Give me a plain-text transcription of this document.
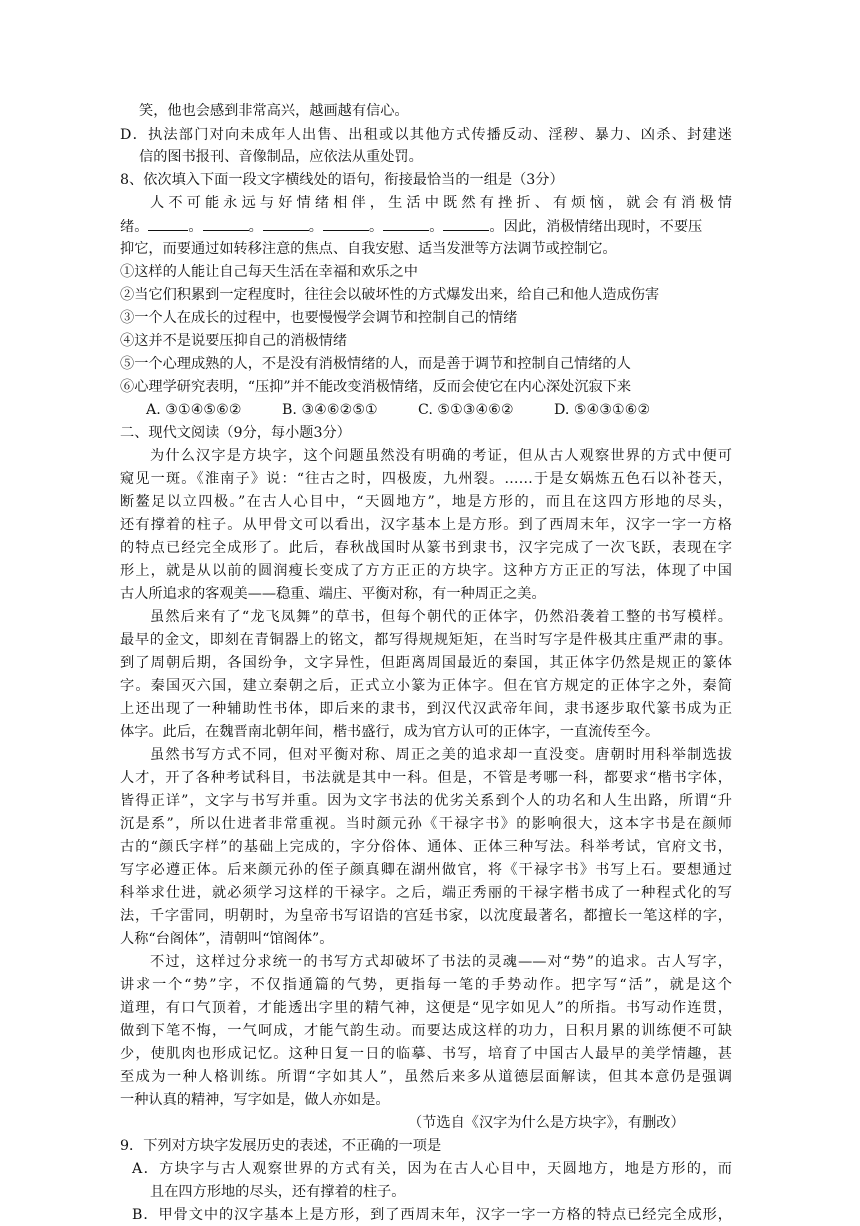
笑，他也会感到非常高兴，越画越有信心。
D．执法部门对向未成年人出售、出租或以其他方式传播反动、淫秽、暴力、凶杀、封建迷
信的图书报刊、音像制品，应依法从重处罚。
8、依次填入下面一段文字横线处的语句，衔接最恰当的一组是（3分）
人不可能永远与好情绪相伴，生活中既然有挫折、有烦恼，就会有消极情
绪。	。	。	。	。	。	。因此，消极情绪出现时，不要压
抑它，而要通过如转移注意的焦点、自我安慰、适当发泄等方法调节或控制它。
①这样的人能让自己每天生活在幸福和欢乐之中
②当它们积累到一定程度时，往往会以破坏性的方式爆发出来，给自己和他人造成伤害
③一个人在成长的过程中，也要慢慢学会调节和控制自己的情绪
④这并不是说要压抑自己的消极情绪
⑤一个心理成熟的人，不是没有消极情绪的人，而是善于调节和控制自己情绪的人
⑥心理学研究表明，“压抑”并不能改变消极情绪，反而会使它在内心深处沉寂下来
A. ③①④⑤⑥②	B. ③④⑥②⑤①	C. ⑤①③④⑥②	D. ⑤④③①⑥②
二、现代文阅读（9分，每小题3分）
为什么汉字是方块字，这个问题虽然没有明确的考证，但从古人观察世界的方式中便可
窥见一斑。《淮南子》说：“往古之时，四极废，九州裂。……于是女娲炼五色石以补苍天，
断鳌足以立四极。”在古人心目中，“天圆地方”，地是方形的，而且在这四方形地的尽头，
还有撑着的柱子。从甲骨文可以看出，汉字基本上是方形。到了西周末年，汉字一字一方格
的特点已经完全成形了。此后，春秋战国时从篆书到隶书，汉字完成了一次飞跃，表现在字
形上，就是从以前的圆润瘦长变成了方方正正的方块字。这种方方正正的写法，体现了中国
古人所追求的客观美——稳重、端庄、平衡对称，有一种周正之美。
虽然后来有了“龙飞凤舞”的草书，但每个朝代的正体字，仍然沿袭着工整的书写模样。
最早的金文，即刻在青铜器上的铭文，都写得规规矩矩，在当时写字是件极其庄重严肃的事。
到了周朝后期，各国纷争，文字异性，但距离周国最近的秦国，其正体字仍然是规正的篆体
字。秦国灭六国，建立秦朝之后，正式立小篆为正体字。但在官方规定的正体字之外，秦简
上还出现了一种辅助性书体，即后来的隶书，到汉代汉武帝年间，隶书逐步取代篆书成为正
体字。此后，在魏晋南北朝年间，楷书盛行，成为官方认可的正体字，一直流传至今。
虽然书写方式不同，但对平衡对称、周正之美的追求却一直没变。唐朝时用科举制选拔
人才，开了各种考试科目，书法就是其中一科。但是，不管是考哪一科，都要求“楷书字体，
皆得正详”，文字与书写并重。因为文字书法的优劣关系到个人的功名和人生出路，所谓“升
沉是系”，所以仕进者非常重视。当时颜元孙《干禄字书》的影响很大，这本字书是在颜师
古的“颜氏字样”的基础上完成的，字分俗体、通体、正体三种写法。科举考试，官府文书，
写字必遵正体。后来颜元孙的侄子颜真卿在湖州做官，将《干禄字书》书写上石。要想通过
科举求仕进，就必须学习这样的干禄字。之后，端正秀丽的干禄字楷书成了一种程式化的写
法，千字雷同，明朝时，为皇帝书写诏诰的宫廷书家，以沈度最著名，都擅长一笔这样的字，
人称“台阁体”，清朝叫“馆阁体”。
不过，这样过分求统一的书写方式却破坏了书法的灵魂——对“势”的追求。古人写字，
讲求一个“势”字，不仅指通篇的气势，更指每一笔的手势动作。把字写“活”，就是这个
道理，有口气顶着，才能透出字里的精气神，这便是“见字如见人”的所指。书写动作连贯，
做到下笔不悔，一气呵成，才能气韵生动。而要达成这样的功力，日积月累的训练便不可缺
少，使肌肉也形成记忆。这种日复一日的临摹、书写，培育了中国古人最早的美学情趣，甚
至成为一种人格训练。所谓“字如其人”，虽然后来多从道德层面解读，但其本意仍是强调
一种认真的精神，写字如是，做人亦如是。
（节选自《汉字为什么是方块字》，有删改）
9．下列对方块字发展历史的表述，不正确的一项是
A．方块字与古人观察世界的方式有关，因为在古人心目中，天圆地方，地是方形的，而
且在四方形地的尽头，还有撑着的柱子。
B．甲骨文中的汉字基本上是方形，到了西周末年，汉字一字一方格的特点已经完全成形，
